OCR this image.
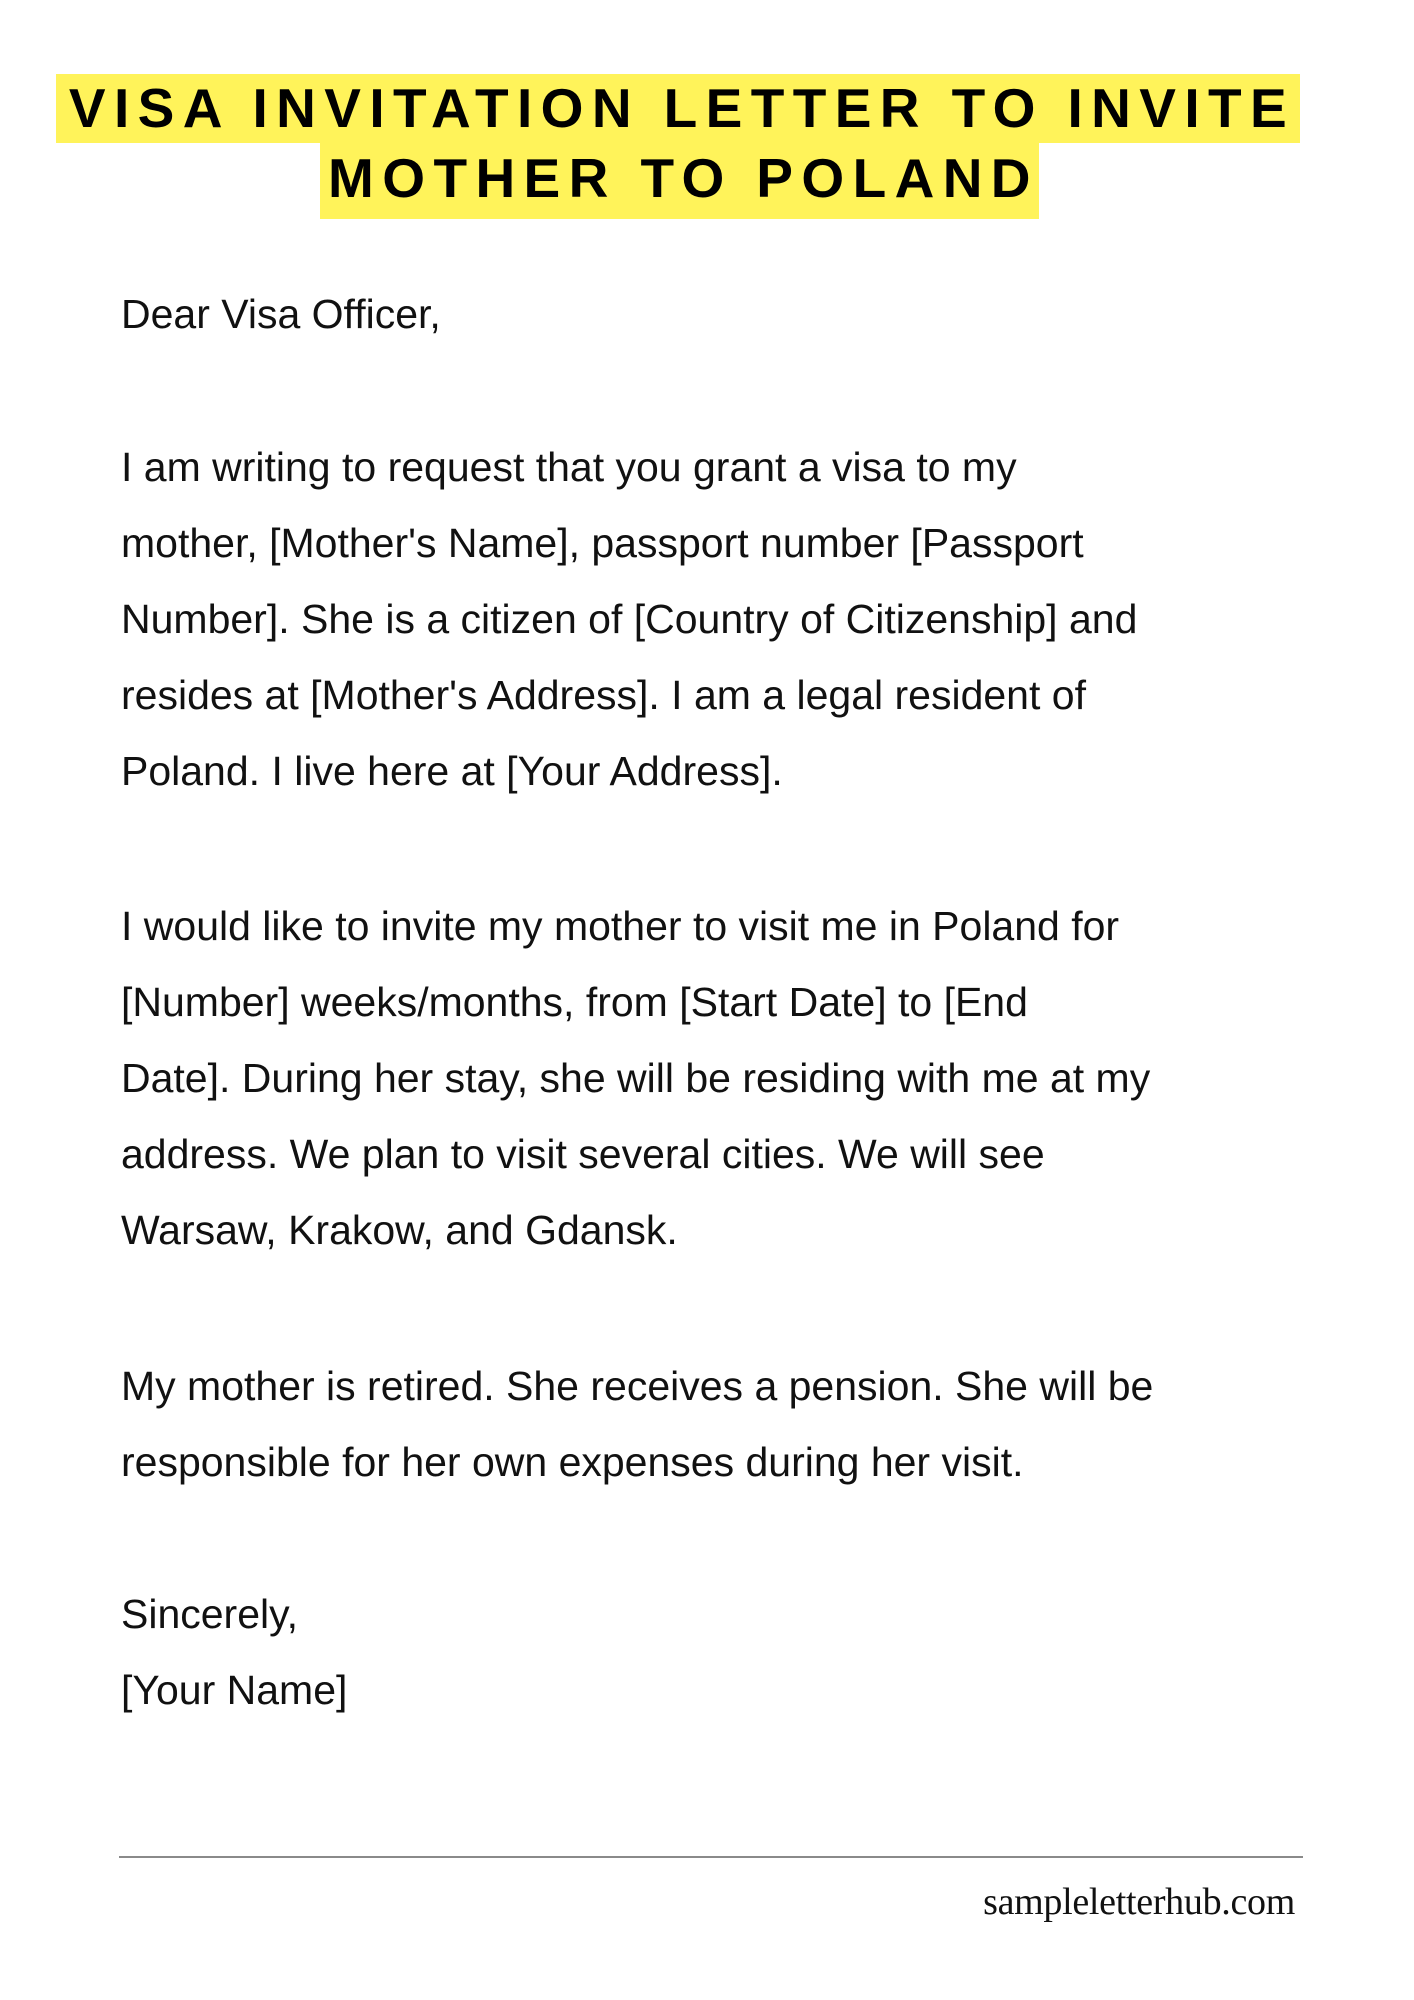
VISA INVITATION LETTER TO INVITE
MOTHER TO POLAND
Dear Visa Officer,
I am writing to request that you grant a visa to my
mother, [Mother's Name], passport number [Passport
Number]. She is a citizen of [Country of Citizenship] and
resides at [Mother's Address]. I am a legal resident of
Poland. I live here at [Your Address].
I would like to invite my mother to visit me in Poland for
[Number] weeks/months, from [Start Date] to [End
Date]. During her stay, she will be residing with me at my
address. We plan to visit several cities. We will see
Warsaw, Krakow, and Gdansk.
My mother is retired. She receives a pension. She will be
responsible for her own expenses during her visit.
Sincerely,
[Your Name]
sampleletterhub.com
